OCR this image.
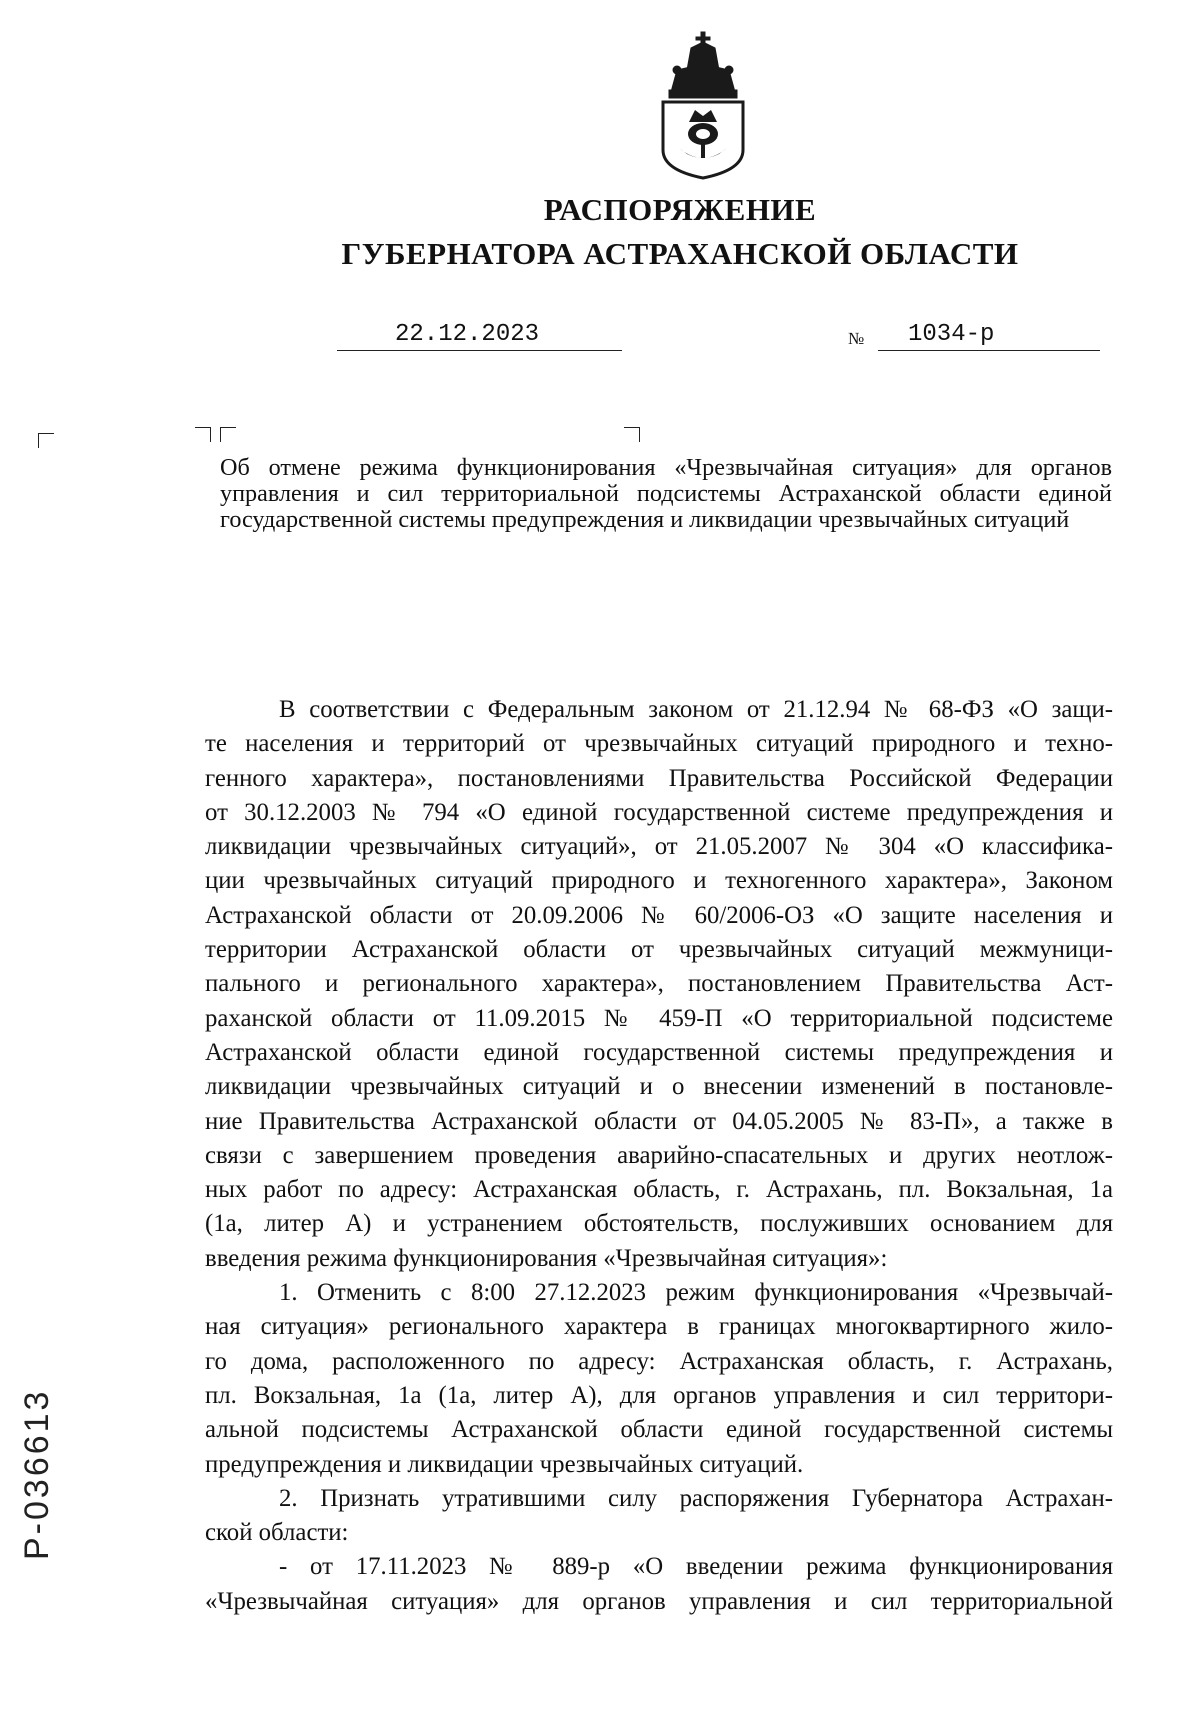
РАСПОРЯЖЕНИЕ
ГУБЕРНАТОРА АСТРАХАНСКОЙ ОБЛАСТИ
22.12.2023	№ 1034-р

Об отмене режима функционирования «Чрезвычайная ситуация» для органов управления и сил территориальной подсистемы Астраханской области единой государственной системы предупреждения и ликвидации чрезвычайных ситуаций

В соответствии с Федеральным законом от 21.12.94 № 68-ФЗ «О защи-
те населения и территорий от чрезвычайных ситуаций природного и техно-
генного характера», постановлениями Правительства Российской Федерации
от 30.12.2003 № 794 «О единой государственной системе предупреждения и
ликвидации чрезвычайных ситуаций», от 21.05.2007 № 304 «О классифика-
ции чрезвычайных ситуаций природного и техногенного характера», Законом
Астраханской области от 20.09.2006 № 60/2006-ОЗ «О защите населения и
территории Астраханской области от чрезвычайных ситуаций межмуници-
пального и регионального характера», постановлением Правительства Аст-
раханской области от 11.09.2015 № 459-П «О территориальной подсистеме
Астраханской области единой государственной системы предупреждения и
ликвидации чрезвычайных ситуаций и о внесении изменений в постановле-
ние Правительства Астраханской области от 04.05.2005 № 83-П», а также в
связи с завершением проведения аварийно-спасательных и других неотлож-
ных работ по адресу: Астраханская область, г. Астрахань, пл. Вокзальная, 1а
(1а, литер А) и устранением обстоятельств, послуживших основанием для
введения режима функционирования «Чрезвычайная ситуация»:
1. Отменить с 8:00 27.12.2023 режим функционирования «Чрезвычай-
ная ситуация» регионального характера в границах многоквартирного жило-
го дома, расположенного по адресу: Астраханская область, г. Астрахань,
пл. Вокзальная, 1а (1а, литер А), для органов управления и сил территори-
альной подсистемы Астраханской области единой государственной системы
предупреждения и ликвидации чрезвычайных ситуаций.
2. Признать утратившими силу распоряжения Губернатора Астрахан-
ской области:
- от 17.11.2023 № 889-р «О введении режима функционирования
«Чрезвычайная ситуация» для органов управления и сил территориальной
Р-036613
